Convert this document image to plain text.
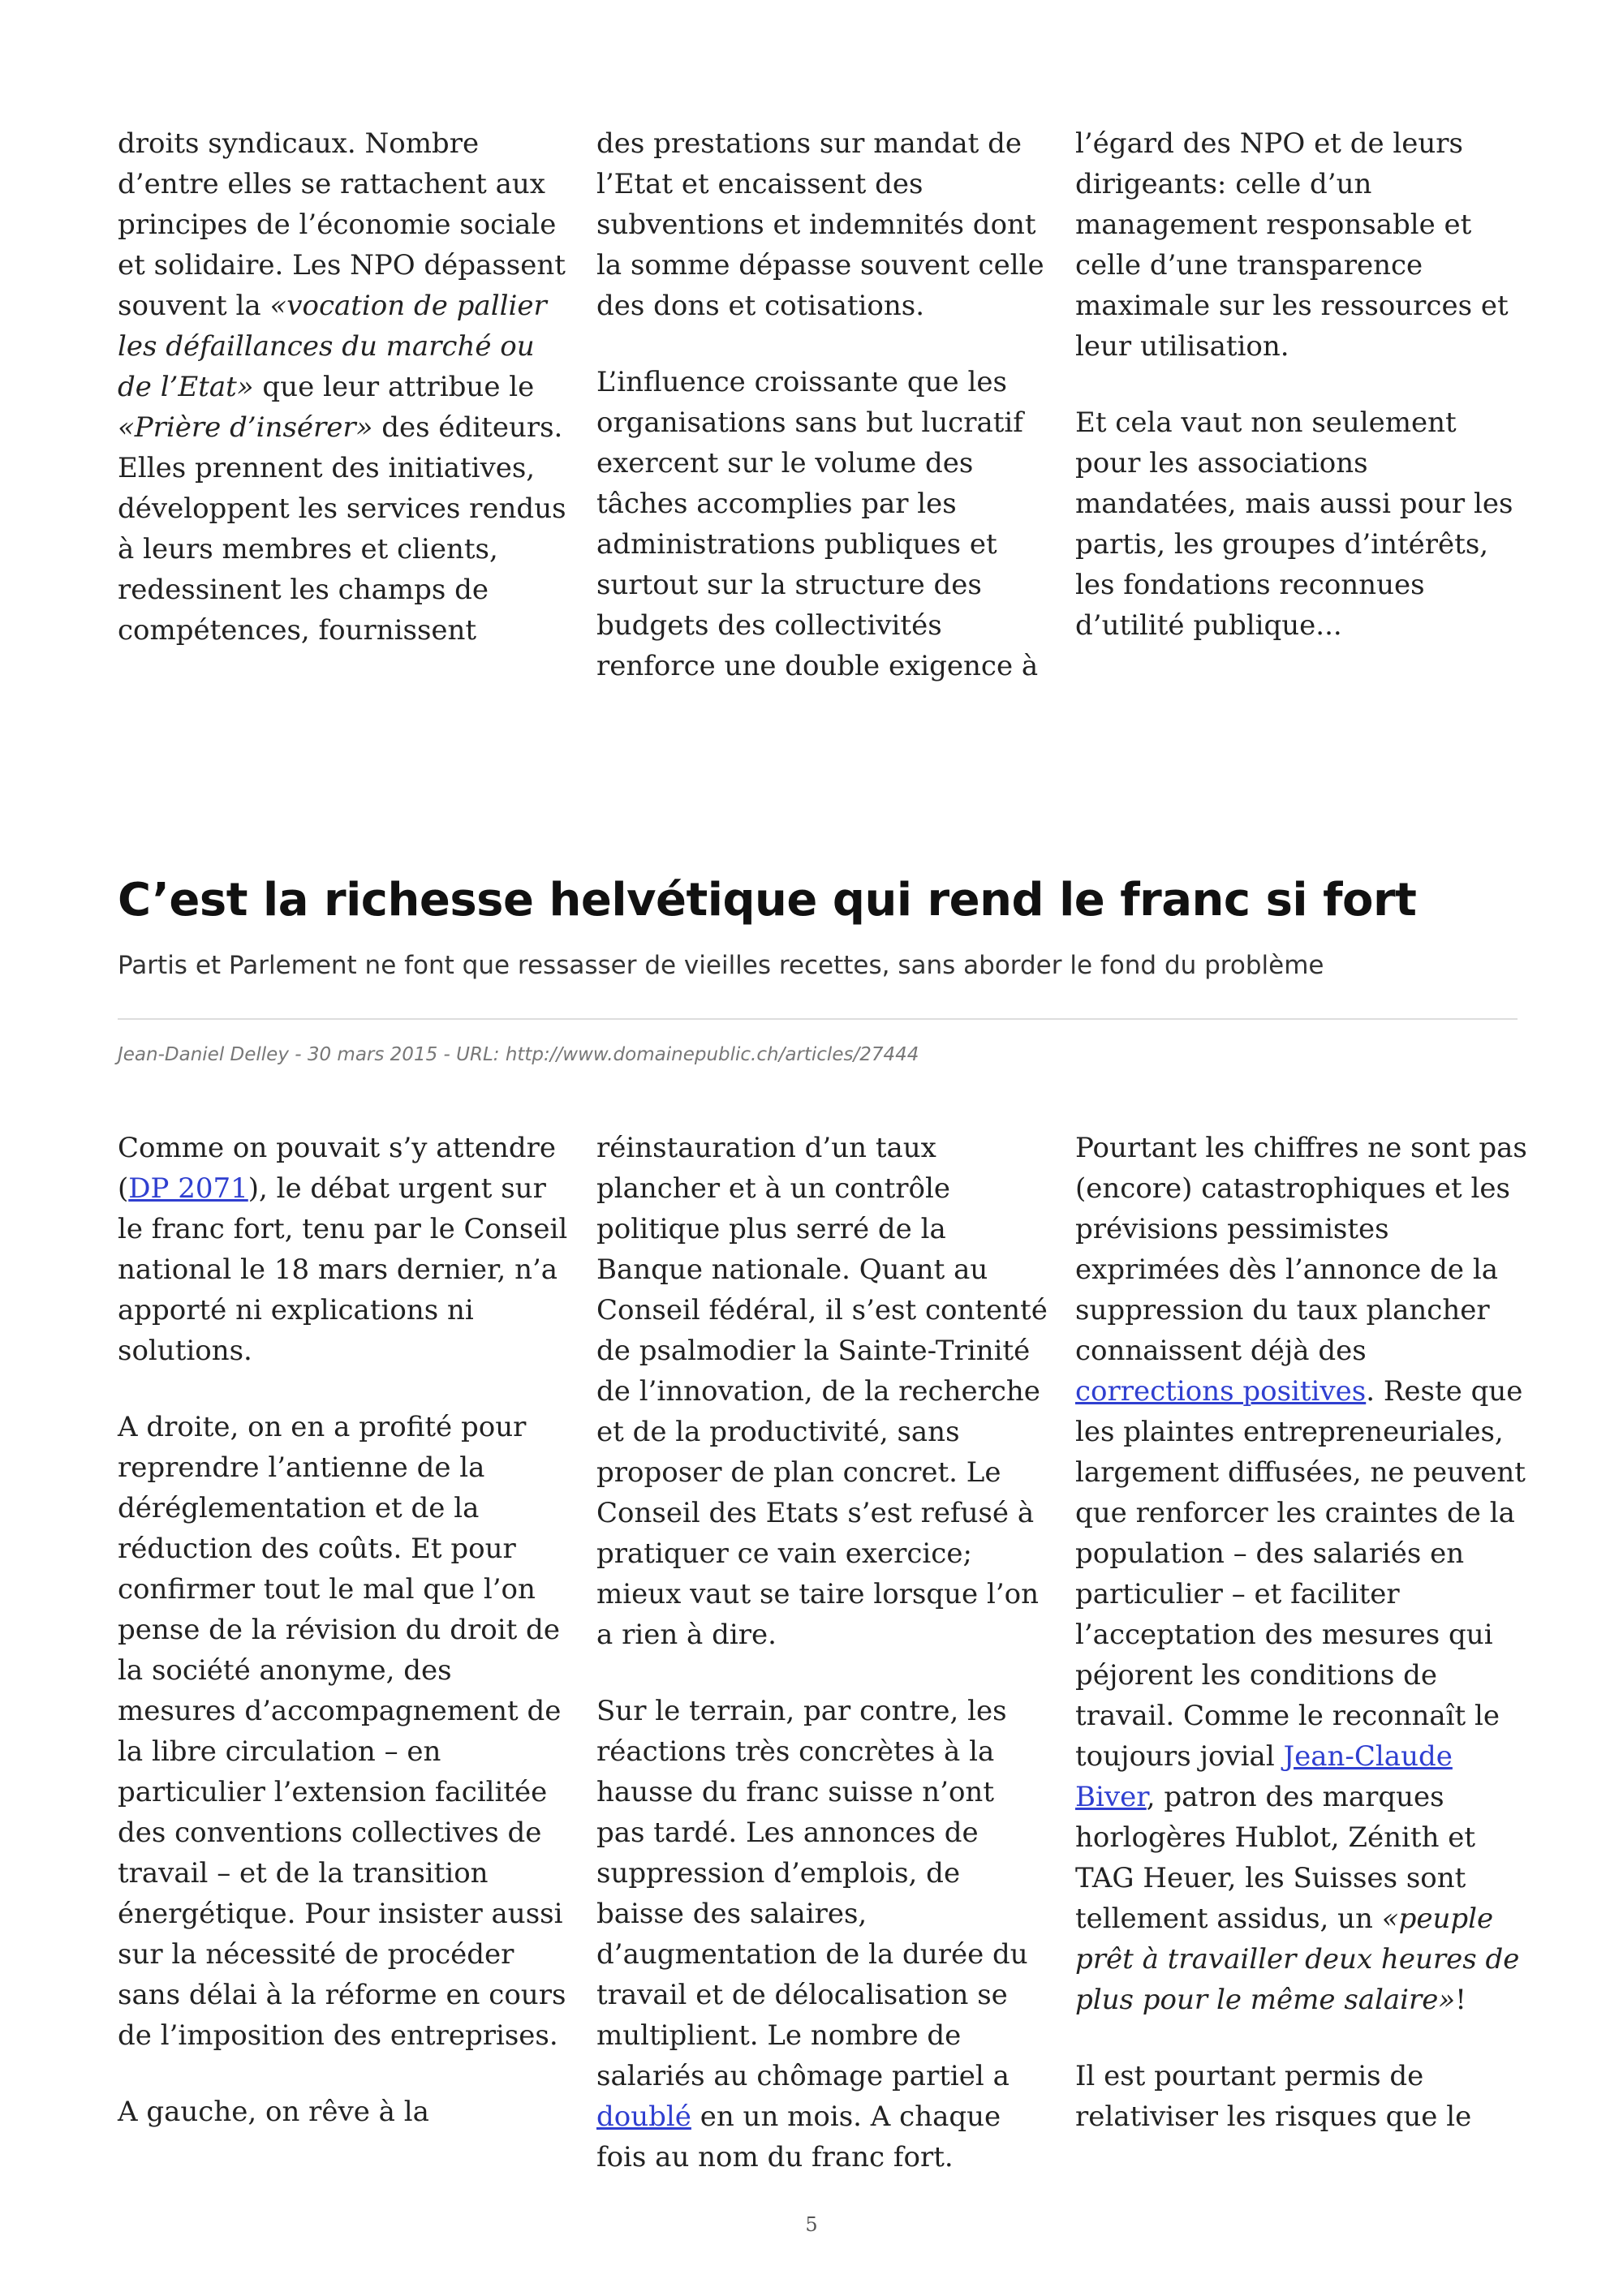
droits syndicaux. Nombre d’entre elles se rattachent aux principes de l’économie sociale et solidaire. Les NPO dépassent souvent la «vocation de pallier les défaillances du marché ou de l’Etat» que leur attribue le «Prière d’insérer» des éditeurs. Elles prennent des initiatives, développent les services rendus à leurs membres et clients, redessinent les champs de compétences, fournissent

des prestations sur mandat de l’Etat et encaissent des subventions et indemnités dont la somme dépasse souvent celle des dons et cotisations.

L’influence croissante que les organisations sans but lucratif exercent sur le volume des tâches accomplies par les administrations publiques et surtout sur la structure des budgets des collectivités renforce une double exigence à

l’égard des NPO et de leurs dirigeants: celle d’un management responsable et celle d’une transparence maximale sur les ressources et leur utilisation.

Et cela vaut non seulement pour les associations mandatées, mais aussi pour les partis, les groupes d’intérêts, les fondations reconnues d’utilité publique...

C’est la richesse helvétique qui rend le franc si fort

Partis et Parlement ne font que ressasser de vieilles recettes, sans aborder le fond du problème

Jean-Daniel Delley - 30 mars 2015 - URL: http://www.domainepublic.ch/articles/27444

Comme on pouvait s’y attendre (DP 2071), le débat urgent sur le franc fort, tenu par le Conseil national le 18 mars dernier, n’a apporté ni explications ni solutions.

A droite, on en a profité pour reprendre l’antienne de la déréglementation et de la réduction des coûts. Et pour confirmer tout le mal que l’on pense de la révision du droit de la société anonyme, des mesures d’accompagnement de la libre circulation – en particulier l’extension facilitée des conventions collectives de travail – et de la transition énergétique. Pour insister aussi sur la nécessité de procéder sans délai à la réforme en cours de l’imposition des entreprises.

A gauche, on rêve à la

réinstauration d’un taux plancher et à un contrôle politique plus serré de la Banque nationale. Quant au Conseil fédéral, il s’est contenté de psalmodier la Sainte-Trinité de l’innovation, de la recherche et de la productivité, sans proposer de plan concret. Le Conseil des Etats s’est refusé à pratiquer ce vain exercice; mieux vaut se taire lorsque l’on a rien à dire.

Sur le terrain, par contre, les réactions très concrètes à la hausse du franc suisse n’ont pas tardé. Les annonces de suppression d’emplois, de baisse des salaires, d’augmentation de la durée du travail et de délocalisation se multiplient. Le nombre de salariés au chômage partiel a doublé en un mois. A chaque fois au nom du franc fort.

Pourtant les chiffres ne sont pas (encore) catastrophiques et les prévisions pessimistes exprimées dès l’annonce de la suppression du taux plancher connaissent déjà des corrections positives. Reste que les plaintes entrepreneuriales, largement diffusées, ne peuvent que renforcer les craintes de la population – des salariés en particulier – et faciliter l’acceptation des mesures qui péjorent les conditions de travail. Comme le reconnaît le toujours jovial Jean-Claude Biver, patron des marques horlogères Hublot, Zénith et TAG Heuer, les Suisses sont tellement assidus, un «peuple prêt à travailler deux heures de plus pour le même salaire»!

Il est pourtant permis de relativiser les risques que le

5
